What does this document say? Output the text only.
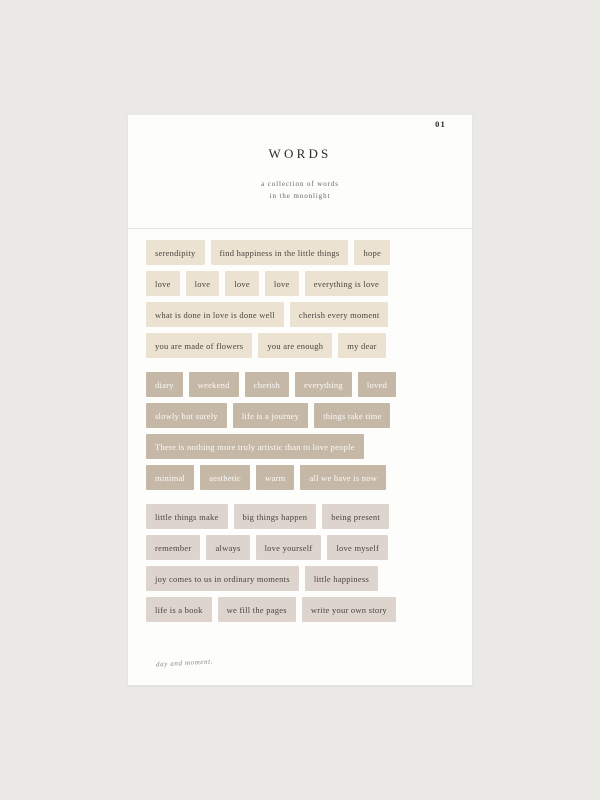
01
WORDS
a collection of words
in the moonlight
serendipity	find happiness in the little things	hope
love	love	love	love	everything is love
what is done in love is done well	cherish every moment
you are made of flowers	you are enough	my dear
diary	weekend	cherish	everything	loved
slowly but surely	life is a journey	things take time
There is nothing more truly artistic than to love people
minimal	aesthetic	warm	all we have is now
little things make	big things happen	being present
remember	always	love yourself	love myself
joy comes to us in ordinary moments	little happiness
life is a book	we fill the pages	write your own story
day and moment.
